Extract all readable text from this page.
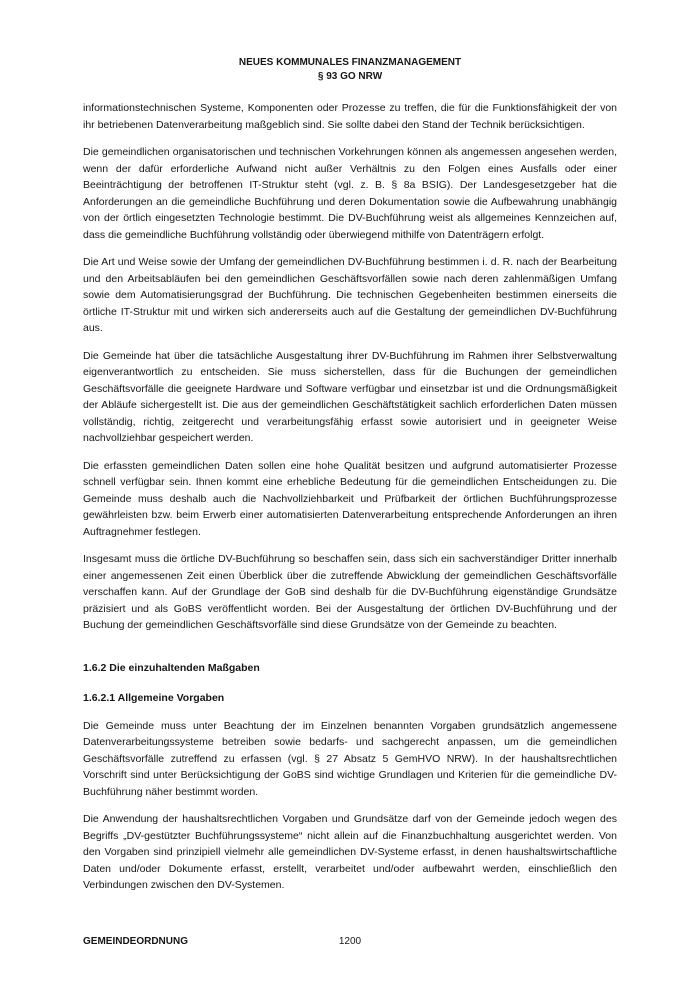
NEUES KOMMUNALES FINANZMANAGEMENT
§ 93 GO NRW

informationstechnischen Systeme, Komponenten oder Prozesse zu treffen, die für die Funktionsfähigkeit der von ihr betriebenen Datenverarbeitung maßgeblich sind. Sie sollte dabei den Stand der Technik berücksichtigen.

Die gemeindlichen organisatorischen und technischen Vorkehrungen können als angemessen angesehen werden, wenn der dafür erforderliche Aufwand nicht außer Verhältnis zu den Folgen eines Ausfalls oder einer Beeinträchtigung der betroffenen IT-Struktur steht (vgl. z. B. § 8a BSIG). Der Landesgesetzgeber hat die Anforderungen an die gemeindliche Buchführung und deren Dokumentation sowie die Aufbewahrung unabhängig von der örtlich eingesetzten Technologie bestimmt. Die DV-Buchführung weist als allgemeines Kennzeichen auf, dass die gemeindliche Buchführung vollständig oder überwiegend mithilfe von Datenträgern erfolgt.

Die Art und Weise sowie der Umfang der gemeindlichen DV-Buchführung bestimmen i. d. R. nach der Bearbeitung und den Arbeitsabläufen bei den gemeindlichen Geschäftsvorfällen sowie nach deren zahlenmäßigen Umfang sowie dem Automatisierungsgrad der Buchführung. Die technischen Gegebenheiten bestimmen einerseits die örtliche IT-Struktur mit und wirken sich andererseits auch auf die Gestaltung der gemeindlichen DV-Buchführung aus.

Die Gemeinde hat über die tatsächliche Ausgestaltung ihrer DV-Buchführung im Rahmen ihrer Selbstverwaltung eigenverantwortlich zu entscheiden. Sie muss sicherstellen, dass für die Buchungen der gemeindlichen Geschäftsvorfälle die geeignete Hardware und Software verfügbar und einsetzbar ist und die Ordnungsmäßigkeit der Abläufe sichergestellt ist. Die aus der gemeindlichen Geschäftstätigkeit sachlich erforderlichen Daten müssen vollständig, richtig, zeitgerecht und verarbeitungsfähig erfasst sowie autorisiert und in geeigneter Weise nachvollziehbar gespeichert werden.

Die erfassten gemeindlichen Daten sollen eine hohe Qualität besitzen und aufgrund automatisierter Prozesse schnell verfügbar sein. Ihnen kommt eine erhebliche Bedeutung für die gemeindlichen Entscheidungen zu. Die Gemeinde muss deshalb auch die Nachvollziehbarkeit und Prüfbarkeit der örtlichen Buchführungsprozesse gewährleisten bzw. beim Erwerb einer automatisierten Datenverarbeitung entsprechende Anforderungen an ihren Auftragnehmer festlegen.

Insgesamt muss die örtliche DV-Buchführung so beschaffen sein, dass sich ein sachverständiger Dritter innerhalb einer angemessenen Zeit einen Überblick über die zutreffende Abwicklung der gemeindlichen Geschäftsvorfälle verschaffen kann. Auf der Grundlage der GoB sind deshalb für die DV-Buchführung eigenständige Grundsätze präzisiert und als GoBS veröffentlicht worden. Bei der Ausgestaltung der örtlichen DV-Buchführung und der Buchung der gemeindlichen Geschäftsvorfälle sind diese Grundsätze von der Gemeinde zu beachten.

1.6.2 Die einzuhaltenden Maßgaben
1.6.2.1 Allgemeine Vorgaben

Die Gemeinde muss unter Beachtung der im Einzelnen benannten Vorgaben grundsätzlich angemessene Datenverarbeitungssysteme betreiben sowie bedarfs- und sachgerecht anpassen, um die gemeindlichen Geschäftsvorfälle zutreffend zu erfassen (vgl. § 27 Absatz 5 GemHVO NRW). In der haushaltsrechtlichen Vorschrift sind unter Berücksichtigung der GoBS sind wichtige Grundlagen und Kriterien für die gemeindliche DV-Buchführung näher bestimmt worden.

Die Anwendung der haushaltsrechtlichen Vorgaben und Grundsätze darf von der Gemeinde jedoch wegen des Begriffs „DV-gestützter Buchführungssysteme“ nicht allein auf die Finanzbuchhaltung ausgerichtet werden. Von den Vorgaben sind prinzipiell vielmehr alle gemeindlichen DV-Systeme erfasst, in denen haushaltswirtschaftliche Daten und/oder Dokumente erfasst, erstellt, verarbeitet und/oder aufbewahrt werden, einschließlich den Verbindungen zwischen den DV-Systemen.

1200
GEMEINDEORDNUNG
